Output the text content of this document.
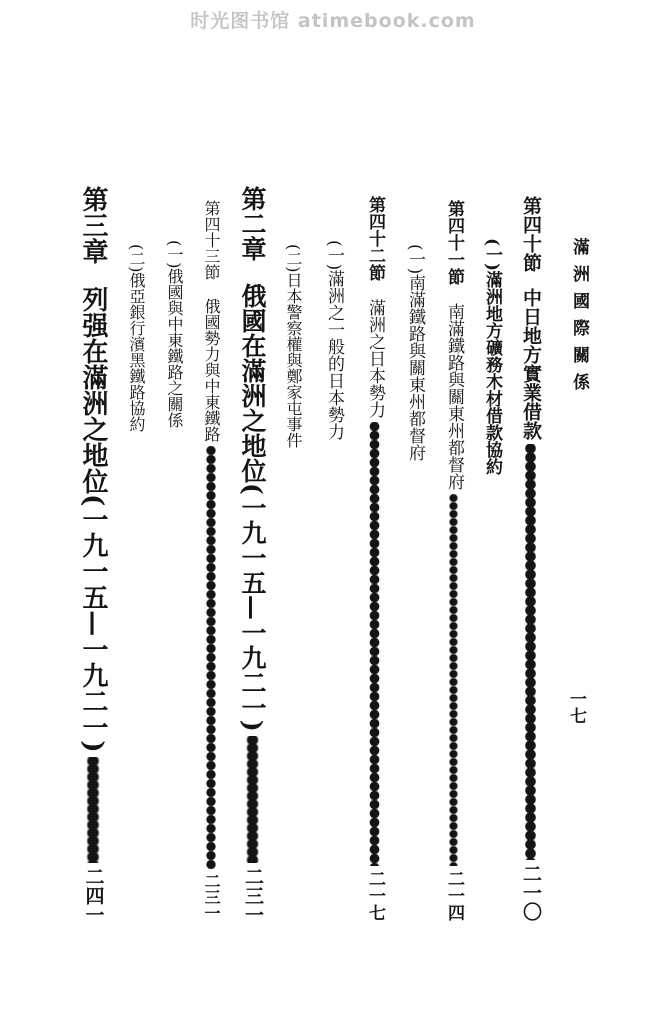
时光图书馆 atimebook.com
滿洲國際關係
一七
第四十節
中日地方實業借款
二一〇
(一)
滿洲地方礦務木材借款協約
第四十一節
南滿鐵路與關東州都督府
二一四
(一)
南滿鐵路與關東州都督府
第四十二節
滿洲之日本勢力
二一七
(一)
滿洲之一般的日本勢力
(二)
日本警察權與鄭家屯事件
第二章
俄國在滿洲之地位(一九一五—一九二一)
二三一
第四十三節
俄國勢力與中東鐵路
二三一
(一)
俄國與中東鐵路之關係
(二)
俄亞銀行濱黑鐵路協約
第三章
列强在滿洲之地位(一九一五—一九二一)
二四一
